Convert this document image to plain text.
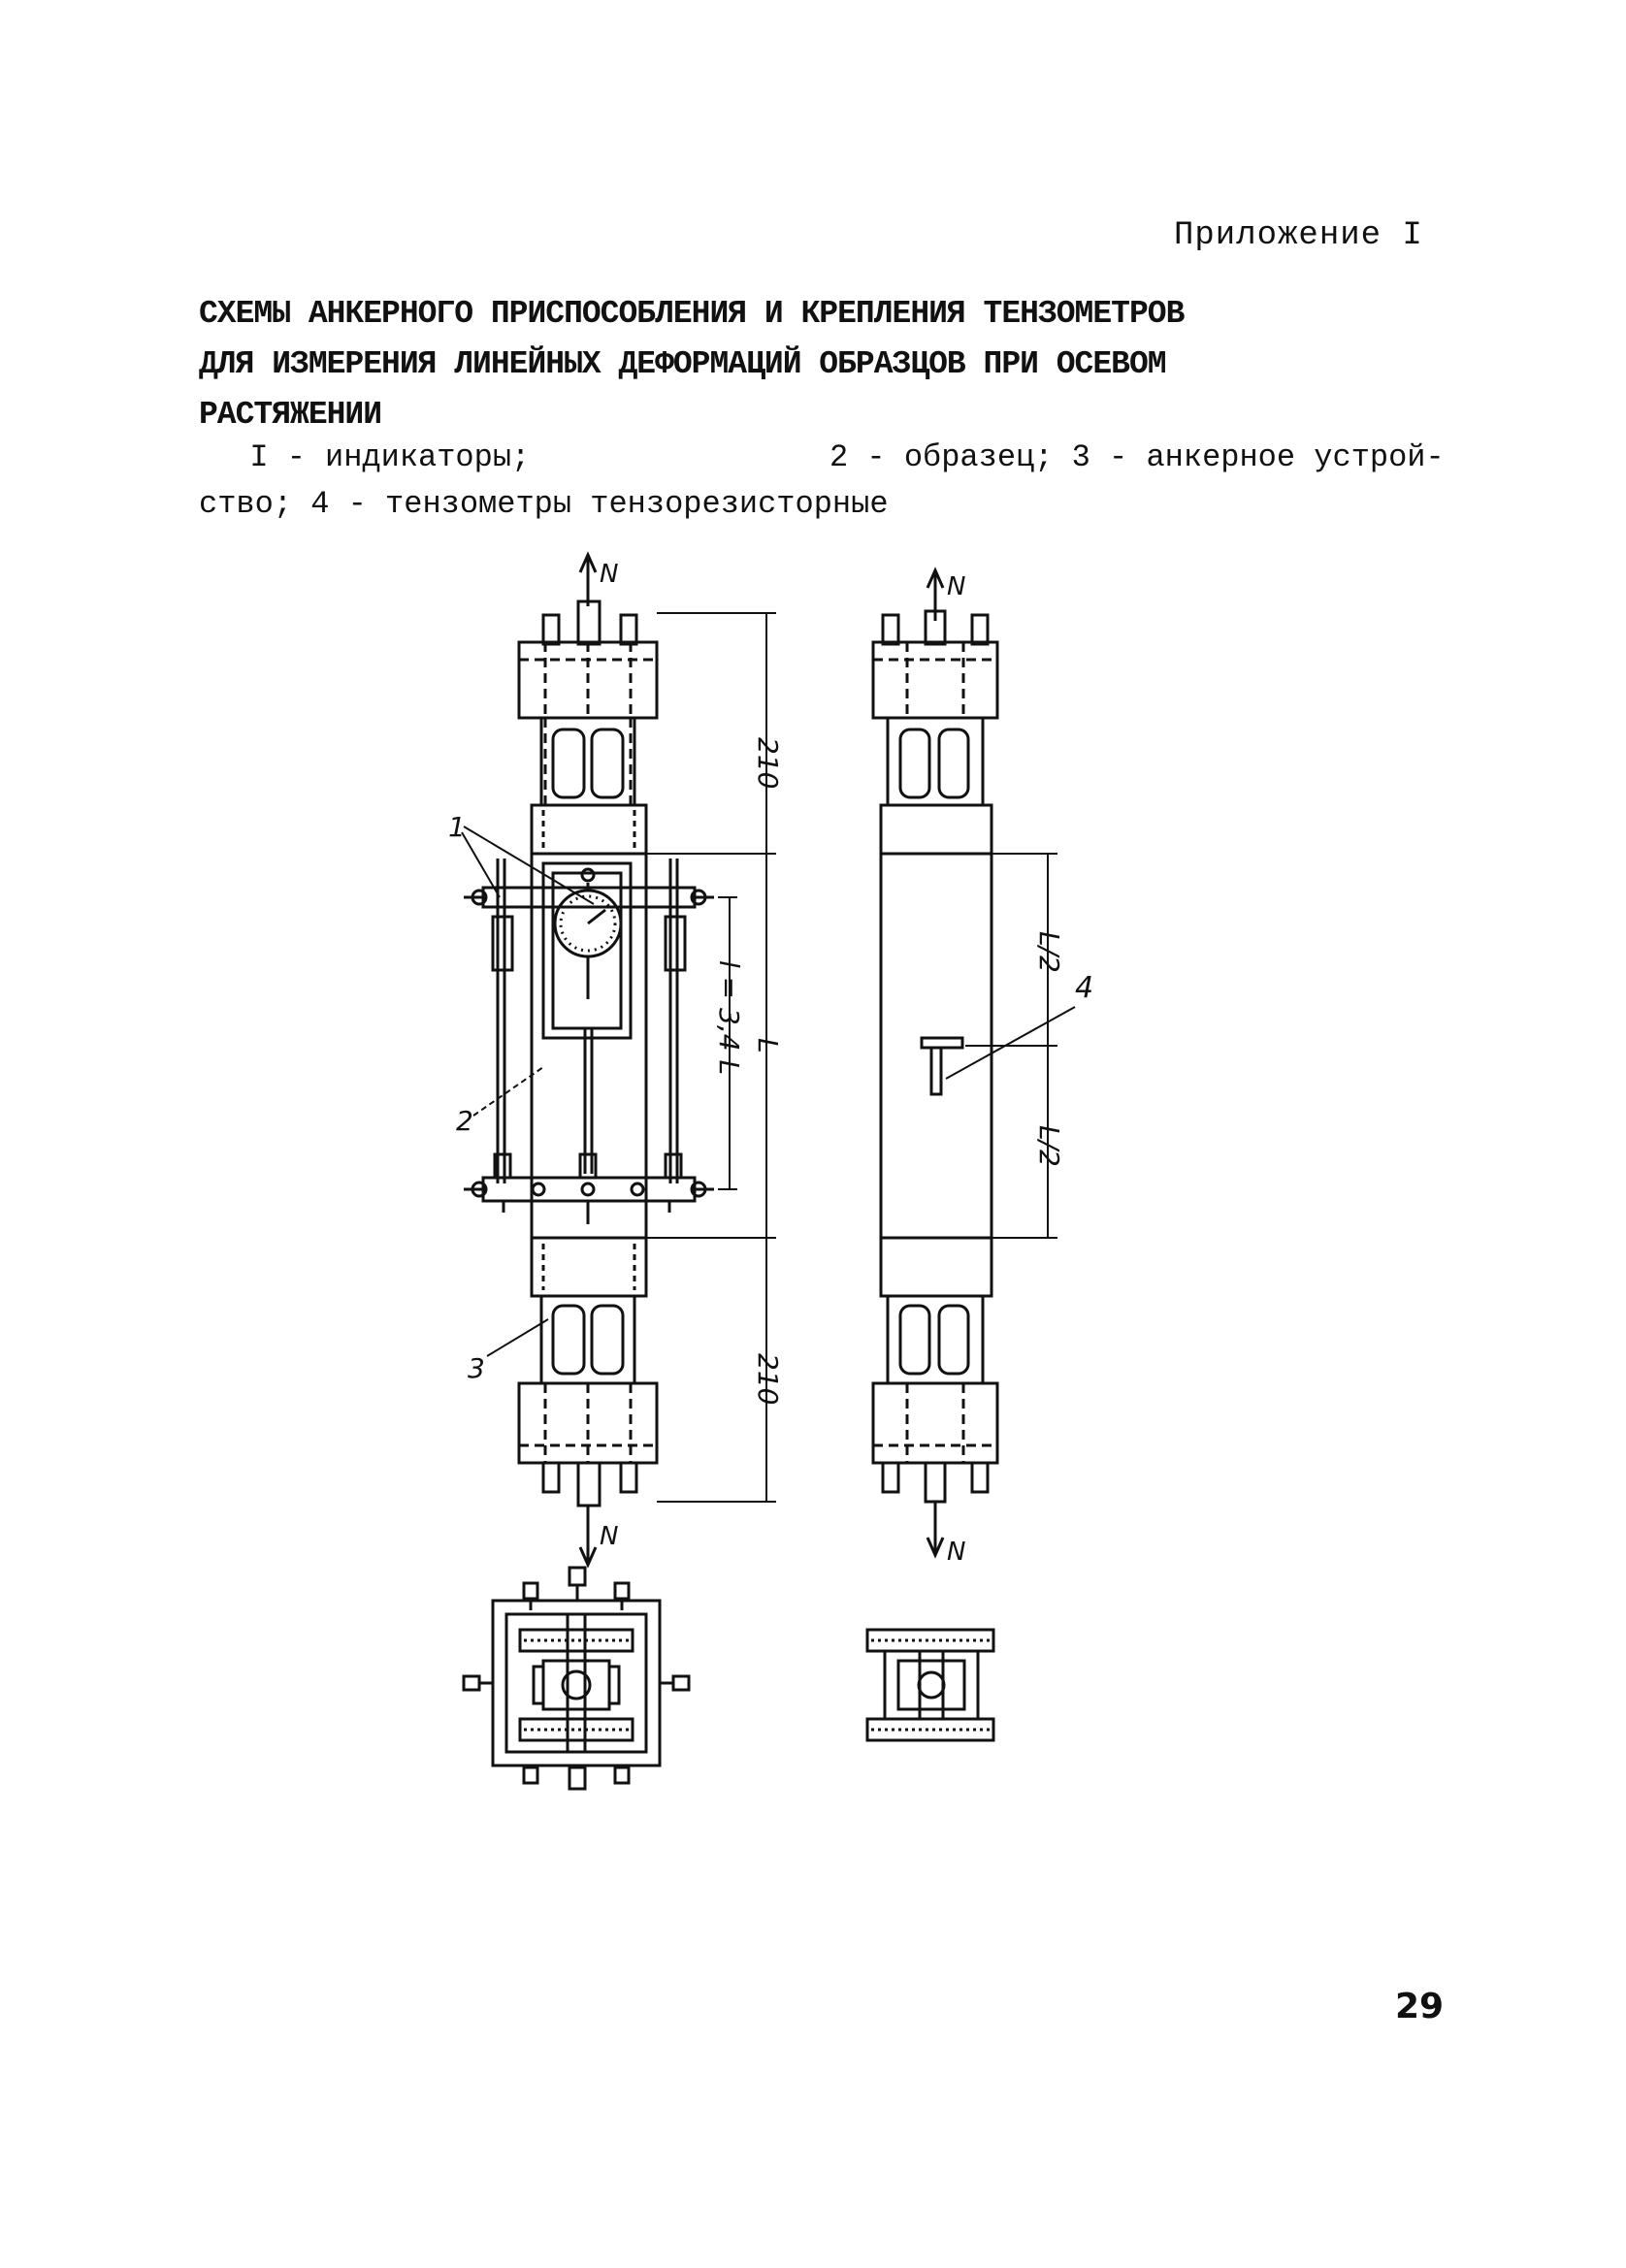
Приложение I
СХЕМЫ АНКЕРНОГО ПРИСПОСОБЛЕНИЯ И КРЕПЛЕНИЯ ТЕНЗОМЕТРОВ
ДЛЯ ИЗМЕРЕНИЯ ЛИНЕЙНЫХ ДЕФОРМАЦИЙ ОБРАЗЦОВ ПРИ ОСЕВОМ
РАСТЯЖЕНИИ
I - индикаторы;	2 - образец; 3 - анкерное устрой-
ство; 4 - тензометры тензорезисторные
N
N
210
210
L
l = 3,4 L
1
2
3
N
N
L/2
L/2
4
29
